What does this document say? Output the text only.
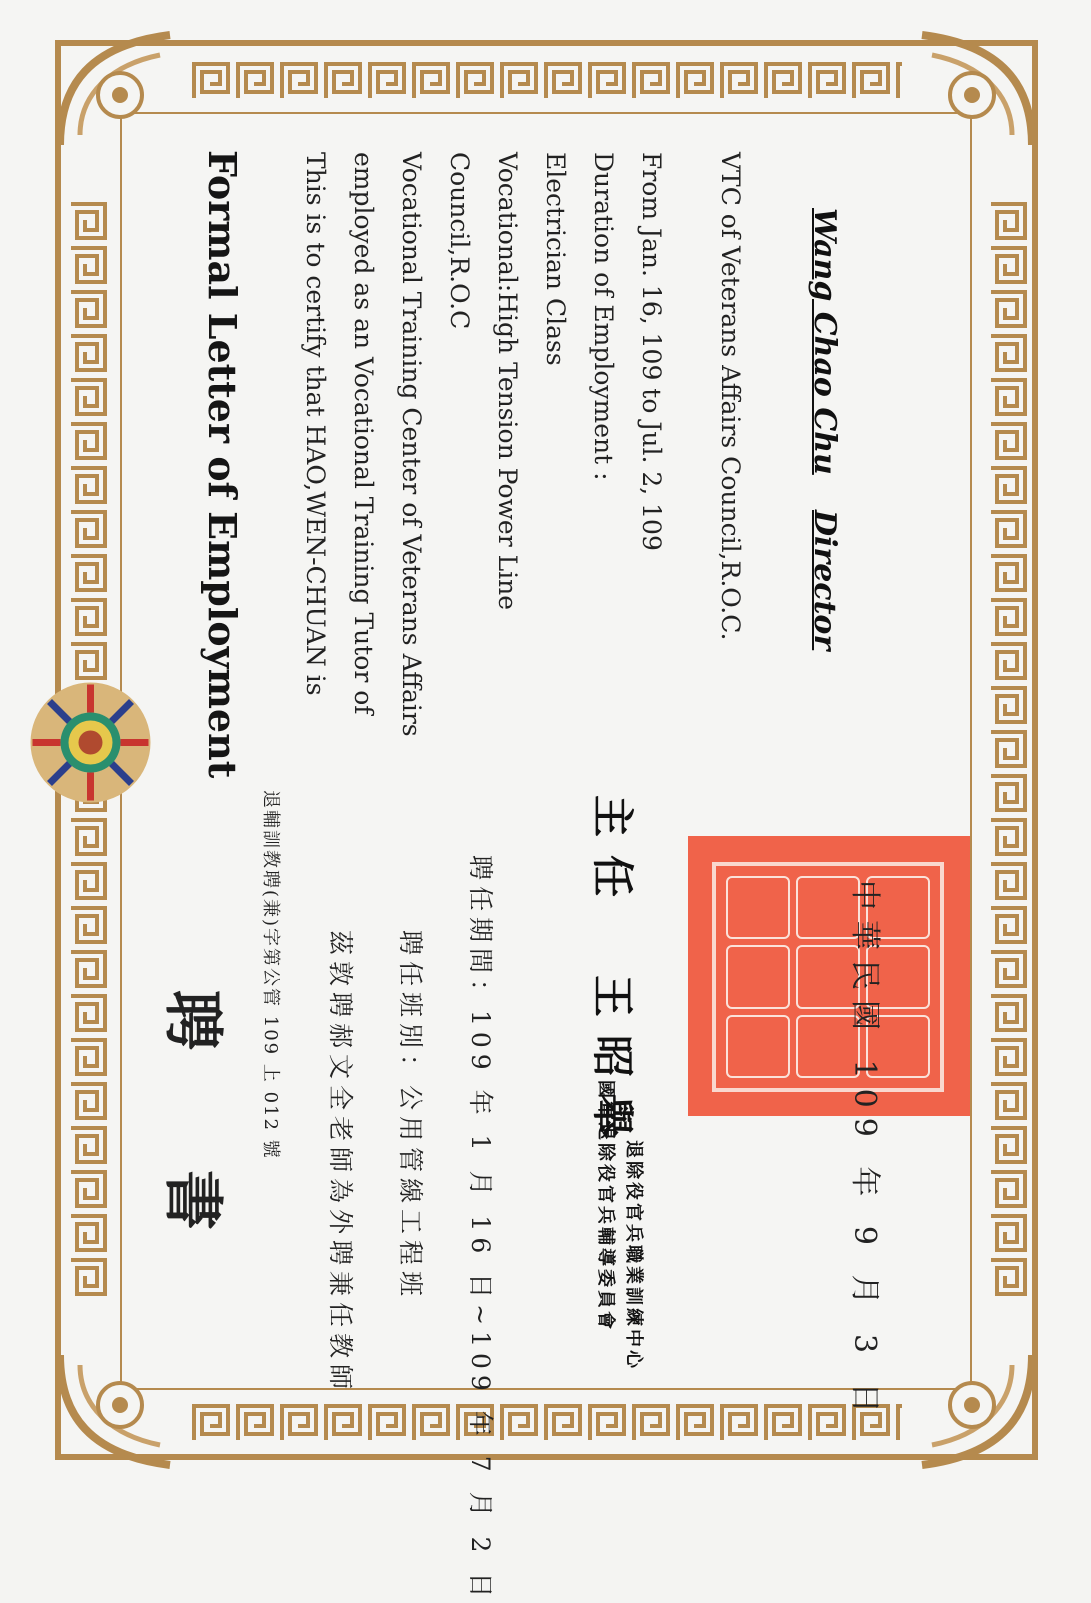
Formal Letter of Employment This is to certify that HAO,WEN-CHUAN is employed as an Vocational Training Tutor of Vocational Training Center of Veterans Affairs Council,R.O.C Vocational:High Tension Power Line Electrician Class Duration of Employment : From Jan. 16, 109 to Jul. 2, 109 VTC of Veterans Affairs Council,R.O.C. Wang Chao Chu
Director
聘書
退輔訓教聘(兼)字第公管 109 上 012 號 茲敦聘郝文全老師為外聘兼任教師 聘任班別：公用管線工程班 聘任期間：109 年 1 月 16 日~109 年 7 月 2 日	國軍退除役官兵輔導委員會 退除役官兵職業訓練中心
主任　王昭舉	中華民國 109 年 9 月 3 日
